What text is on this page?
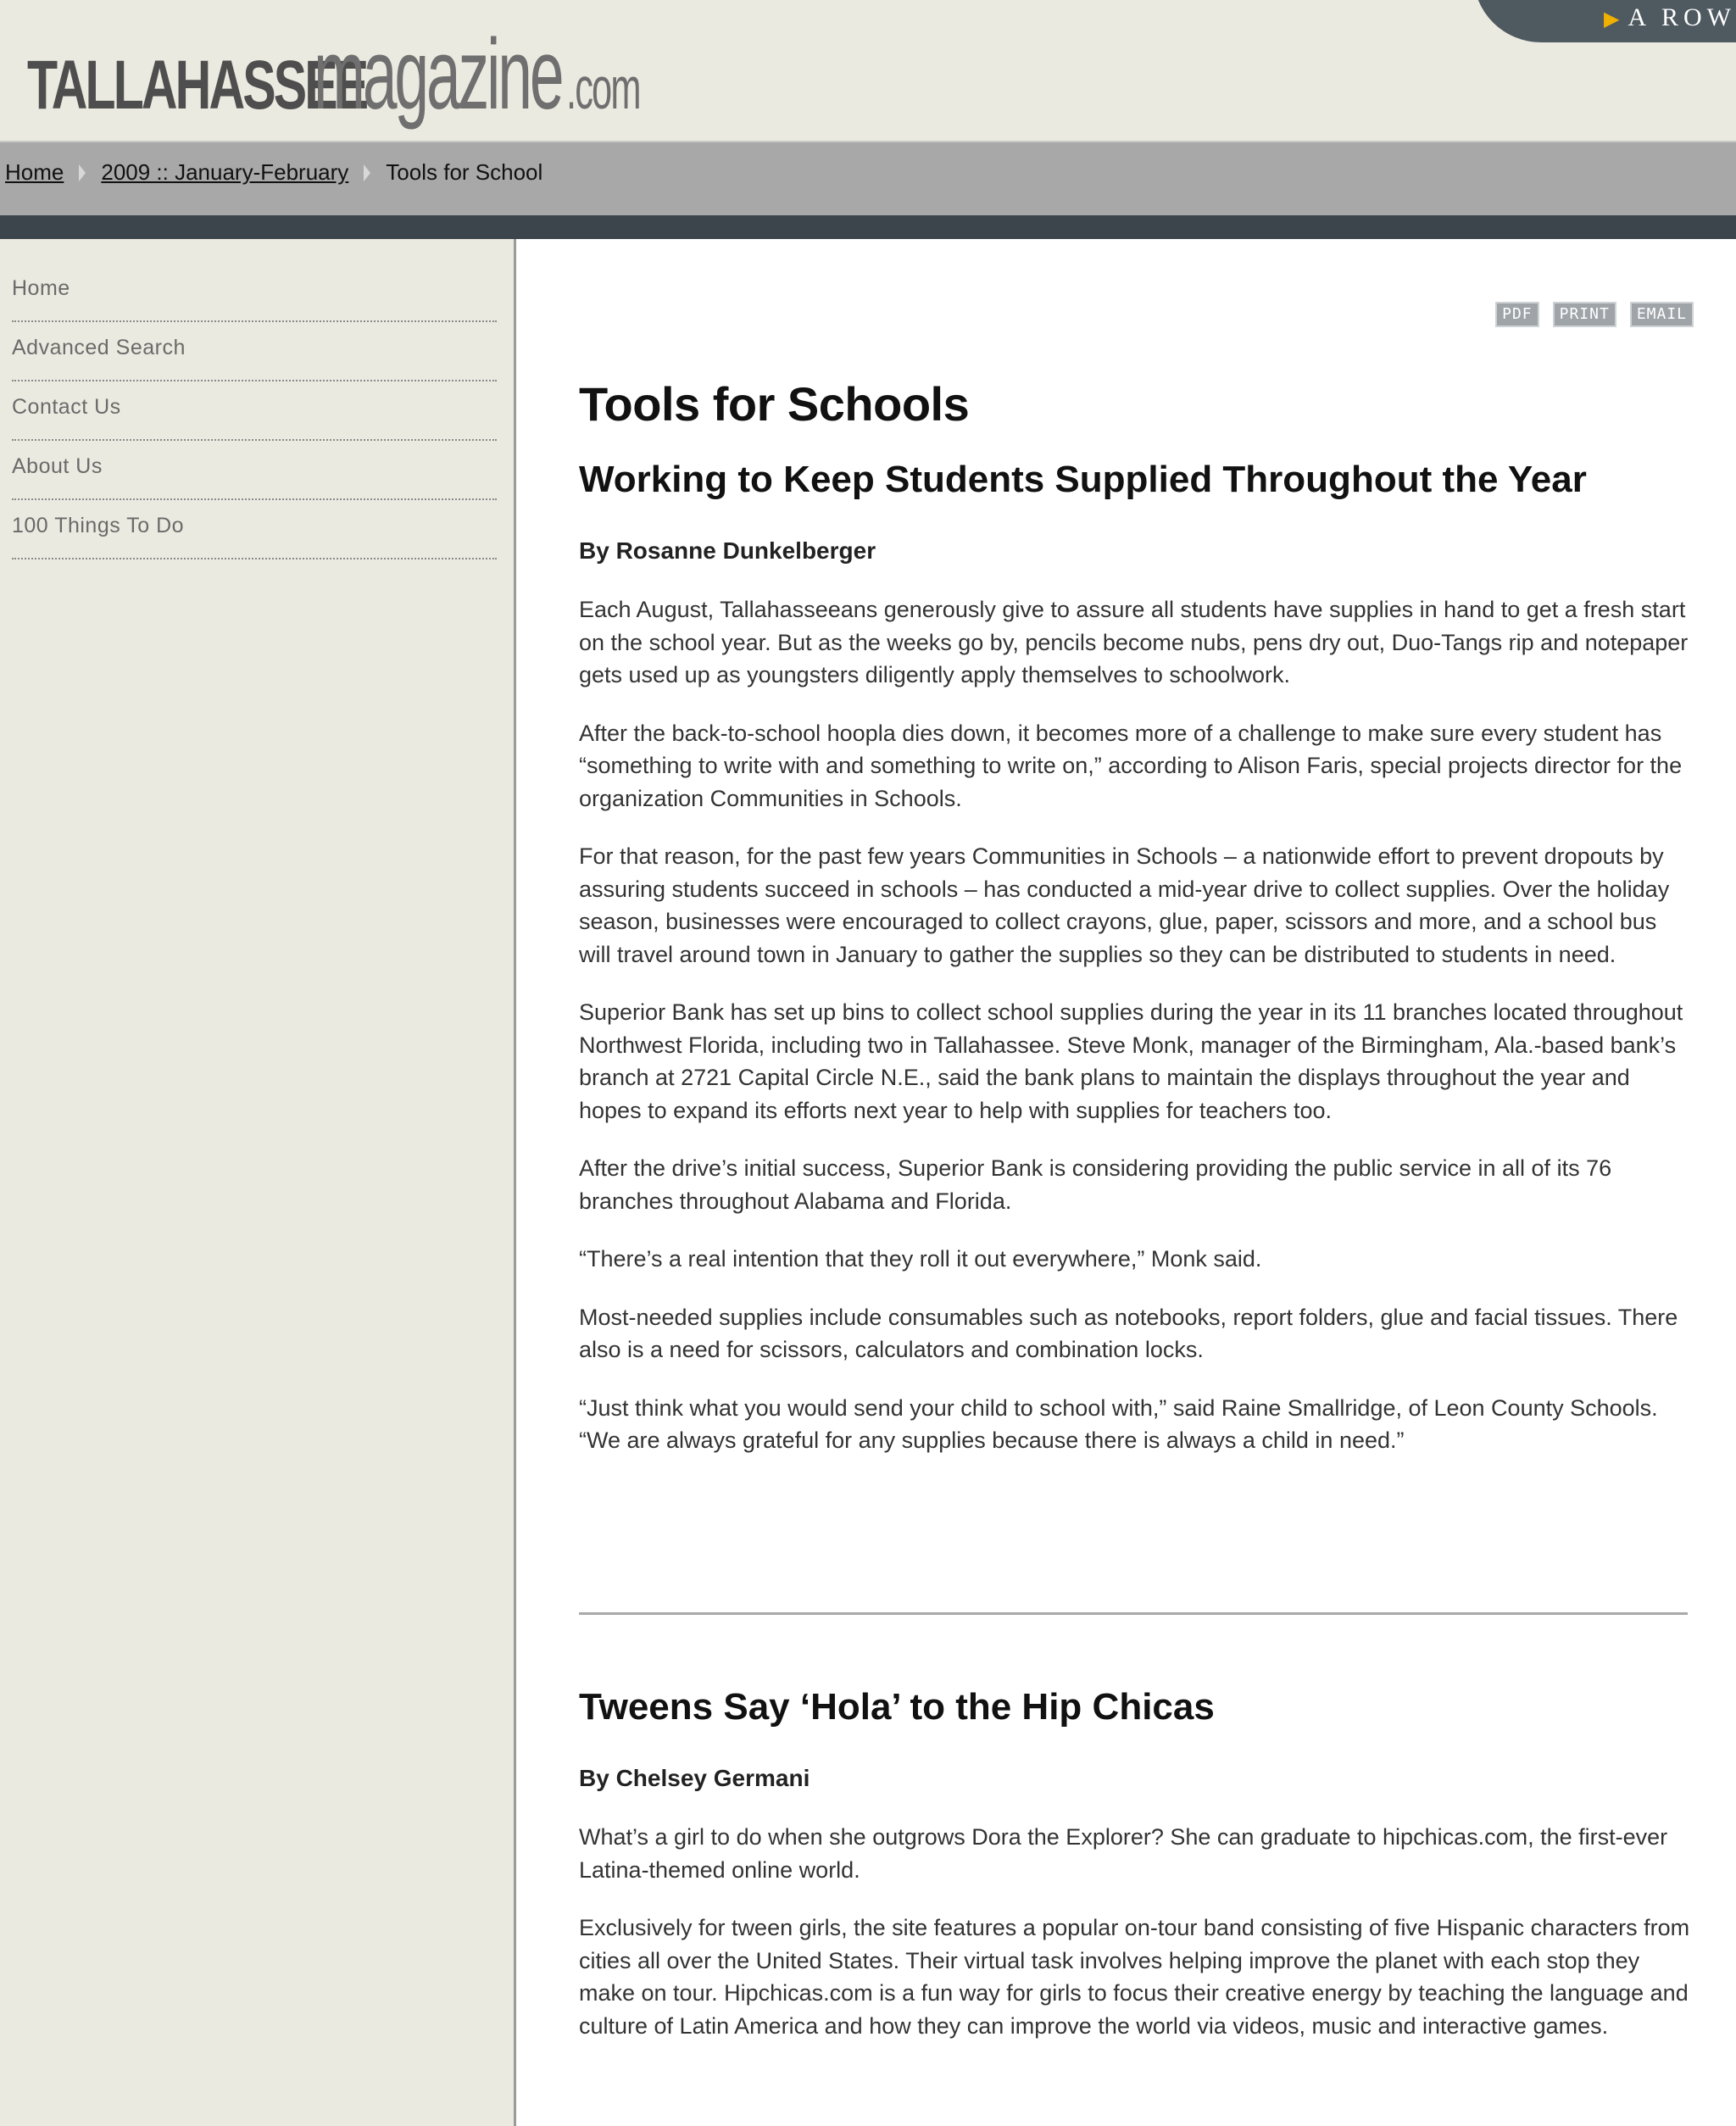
TALLAHASSEE
magazine .com
▶ A ROW
Home 2009 :: January-February Tools for School
Home
Advanced Search
Contact Us
About Us
100 Things To Do
PDF	PRINT	EMAIL
Tools for Schools
Working to Keep Students Supplied Throughout the Year

By Rosanne Dunkelberger

Each August, Tallahasseeans generously give to assure all students have supplies in hand to get a fresh start on the school year. But as the weeks go by, pencils become nubs, pens dry out, Duo-Tangs rip and notepaper gets used up as youngsters diligently apply themselves to schoolwork.

After the back-to-school hoopla dies down, it becomes more of a challenge to make sure every student has “something to write with and something to write on,” according to Alison Faris, special projects director for the organization Communities in Schools.

For that reason, for the past few years Communities in Schools – a nationwide effort to prevent dropouts by assuring students succeed in schools – has conducted a mid-year drive to collect supplies. Over the holiday season, businesses were encouraged to collect crayons, glue, paper, scissors and more, and a school bus will travel around town in January to gather the supplies so they can be distributed to students in need.

Superior Bank has set up bins to collect school supplies during the year in its 11 branches located throughout Northwest Florida, including two in Tallahassee. Steve Monk, manager of the Birmingham, Ala.-based bank’s branch at 2721 Capital Circle N.E., said the bank plans to maintain the displays throughout the year and hopes to expand its efforts next year to help with supplies for teachers too.

After the drive’s initial success, Superior Bank is considering providing the public service in all of its 76 branches throughout Alabama and Florida.

“There’s a real intention that they roll it out everywhere,” Monk said.

Most-needed supplies include consumables such as notebooks, report folders, glue and facial tissues. There also is a need for scissors, calculators and combination locks.

“Just think what you would send your child to school with,” said Raine Smallridge, of Leon County Schools. “We are always grateful for any supplies because there is always a child in need.”

Tweens Say ‘Hola’ to the Hip Chicas

By Chelsey Germani

What’s a girl to do when she outgrows Dora the Explorer? She can graduate to hipchicas.com, the first-ever Latina-themed online world.

Exclusively for tween girls, the site features a popular on-tour band consisting of five Hispanic characters from cities all over the United States. Their virtual task involves helping improve the planet with each stop they make on tour. Hipchicas.com is a fun way for girls to focus their creative energy by teaching the language and culture of Latin America and how they can improve the world via videos, music and interactive games.
